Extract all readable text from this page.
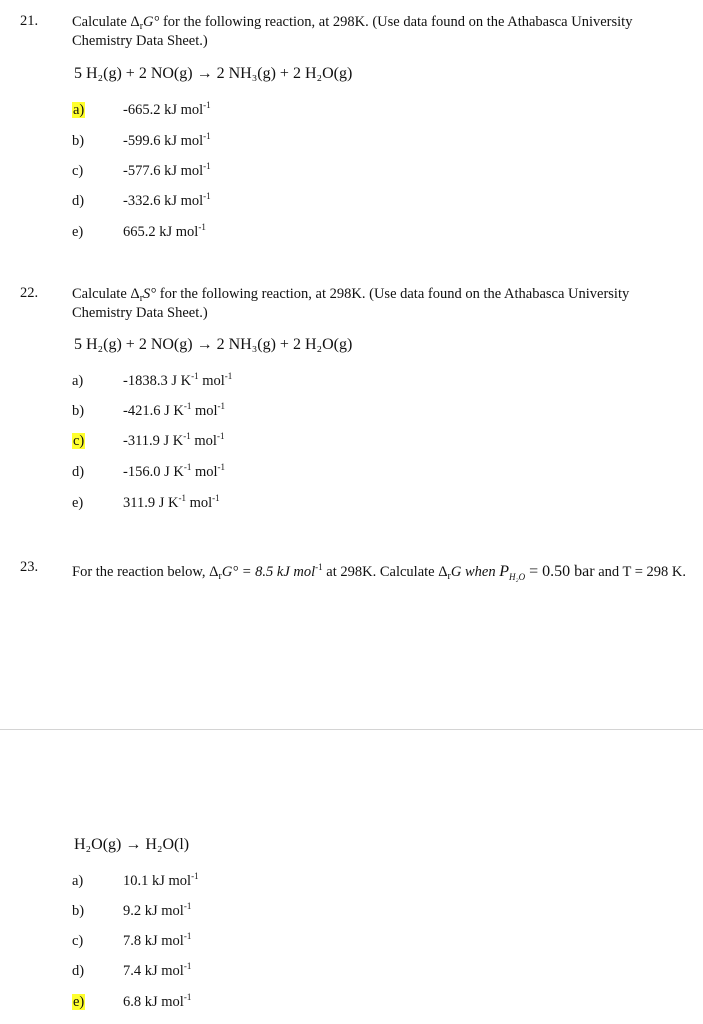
21. Calculate $\Delta_rG^\circ$ for the following reaction, at 298K. (Use data found on the Athabasca University Chemistry Data Sheet.)
5 H₂(g) + 2 NO(g) → 2 NH₃(g) + 2 H₂O(g)
a)	-665.2 kJ mol$^{-1}$
b)	-599.6 kJ mol$^{-1}$
c)	-577.6 kJ mol$^{-1}$
d)	-332.6 kJ mol$^{-1}$
e)	665.2 kJ mol$^{-1}$
22. Calculate $\Delta_rS^\circ$ for the following reaction, at 298K. (Use data found on the Athabasca University Chemistry Data Sheet.)
5 H₂(g) + 2 NO(g) → 2 NH₃(g) + 2 H₂O(g)
a)	-1838.3 J $K^{-1}$ mol$^{-1}$
b)	-421.6 J $K^{-1}$ mol$^{-1}$
c)	-311.9 J $K^{-1}$ mol$^{-1}$
d)	-156.0 J $K^{-1}$ mol$^{-1}$
e)	311.9 J $K^{-1}$ mol$^{-1}$
23. For the reaction below, $\Delta_rG^\circ = 8.5$ kJ mol$^{-1}$ at 298K. Calculate $\Delta_rG$ when $P_{H_2O} = 0.50$ bar and T = 298 K.
H₂O(g) → H₂O(l)
a)	10.1 kJ mol$^{-1}$
b)	9.2 kJ mol$^{-1}$
c)	7.8 kJ mol$^{-1}$
d)	7.4 kJ mol$^{-1}$
e)	6.8 kJ mol$^{-1}$
